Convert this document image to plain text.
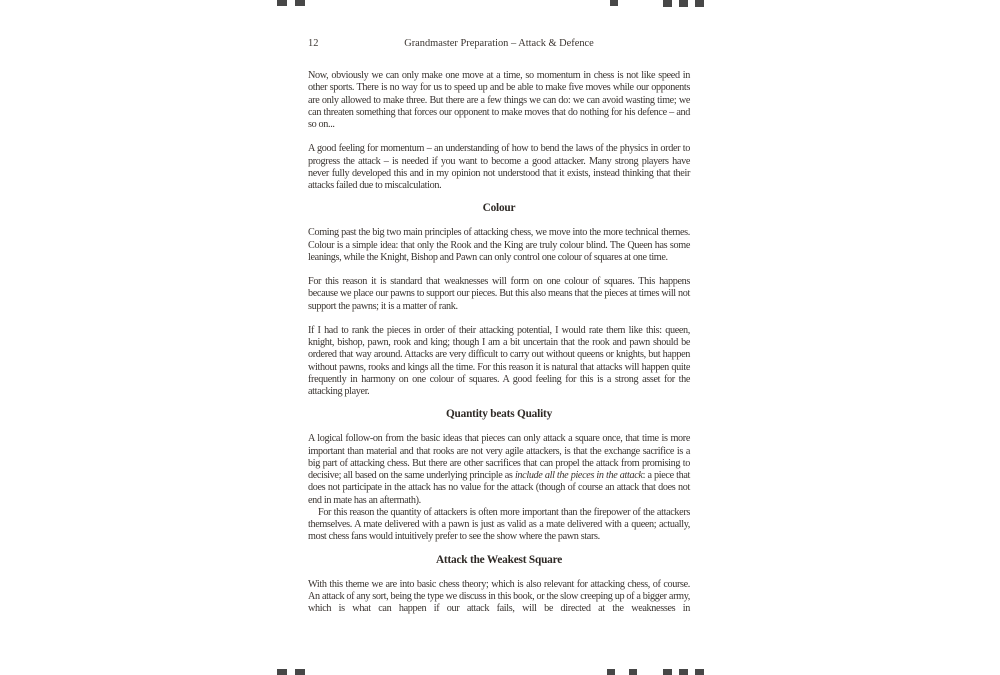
12	Grandmaster Preparation – Attack & Defence

Now, obviously we can only make one move at a time, so momentum in chess is not like speed in other sports. There is no way for us to speed up and be able to make five moves while our opponents are only allowed to make three. But there are a few things we can do: we can avoid wasting time; we can threaten something that forces our opponent to make moves that do nothing for his defence – and so on...

A good feeling for momentum – an understanding of how to bend the laws of the physics in order to progress the attack – is needed if you want to become a good attacker. Many strong players have never fully developed this and in my opinion not understood that it exists, instead thinking that their attacks failed due to miscalculation.

Colour

Coming past the big two main principles of attacking chess, we move into the more technical themes. Colour is a simple idea: that only the Rook and the King are truly colour blind. The Queen has some leanings, while the Knight, Bishop and Pawn can only control one colour of squares at one time.

For this reason it is standard that weaknesses will form on one colour of squares. This happens because we place our pawns to support our pieces. But this also means that the pieces at times will not support the pawns; it is a matter of rank.

If I had to rank the pieces in order of their attacking potential, I would rate them like this: queen, knight, bishop, pawn, rook and king; though I am a bit uncertain that the rook and pawn should be ordered that way around. Attacks are very difficult to carry out without queens or knights, but happen without pawns, rooks and kings all the time. For this reason it is natural that attacks will happen quite frequently in harmony on one colour of squares. A good feeling for this is a strong asset for the attacking player.

Quantity beats Quality

A logical follow-on from the basic ideas that pieces can only attack a square once, that time is more important than material and that rooks are not very agile attackers, is that the exchange sacrifice is a big part of attacking chess. But there are other sacrifices that can propel the attack from promising to decisive; all based on the same underlying principle as include all the pieces in the attack: a piece that does not participate in the attack has no value for the attack (though of course an attack that does not end in mate has an aftermath).

For this reason the quantity of attackers is often more important than the firepower of the attackers themselves. A mate delivered with a pawn is just as valid as a mate delivered with a queen; actually, most chess fans would intuitively prefer to see the show where the pawn stars.

Attack the Weakest Square

With this theme we are into basic chess theory; which is also relevant for attacking chess, of course. An attack of any sort, being the type we discuss in this book, or the slow creeping up of a bigger army, which is what can happen if our attack fails, will be directed at the weaknesses in
